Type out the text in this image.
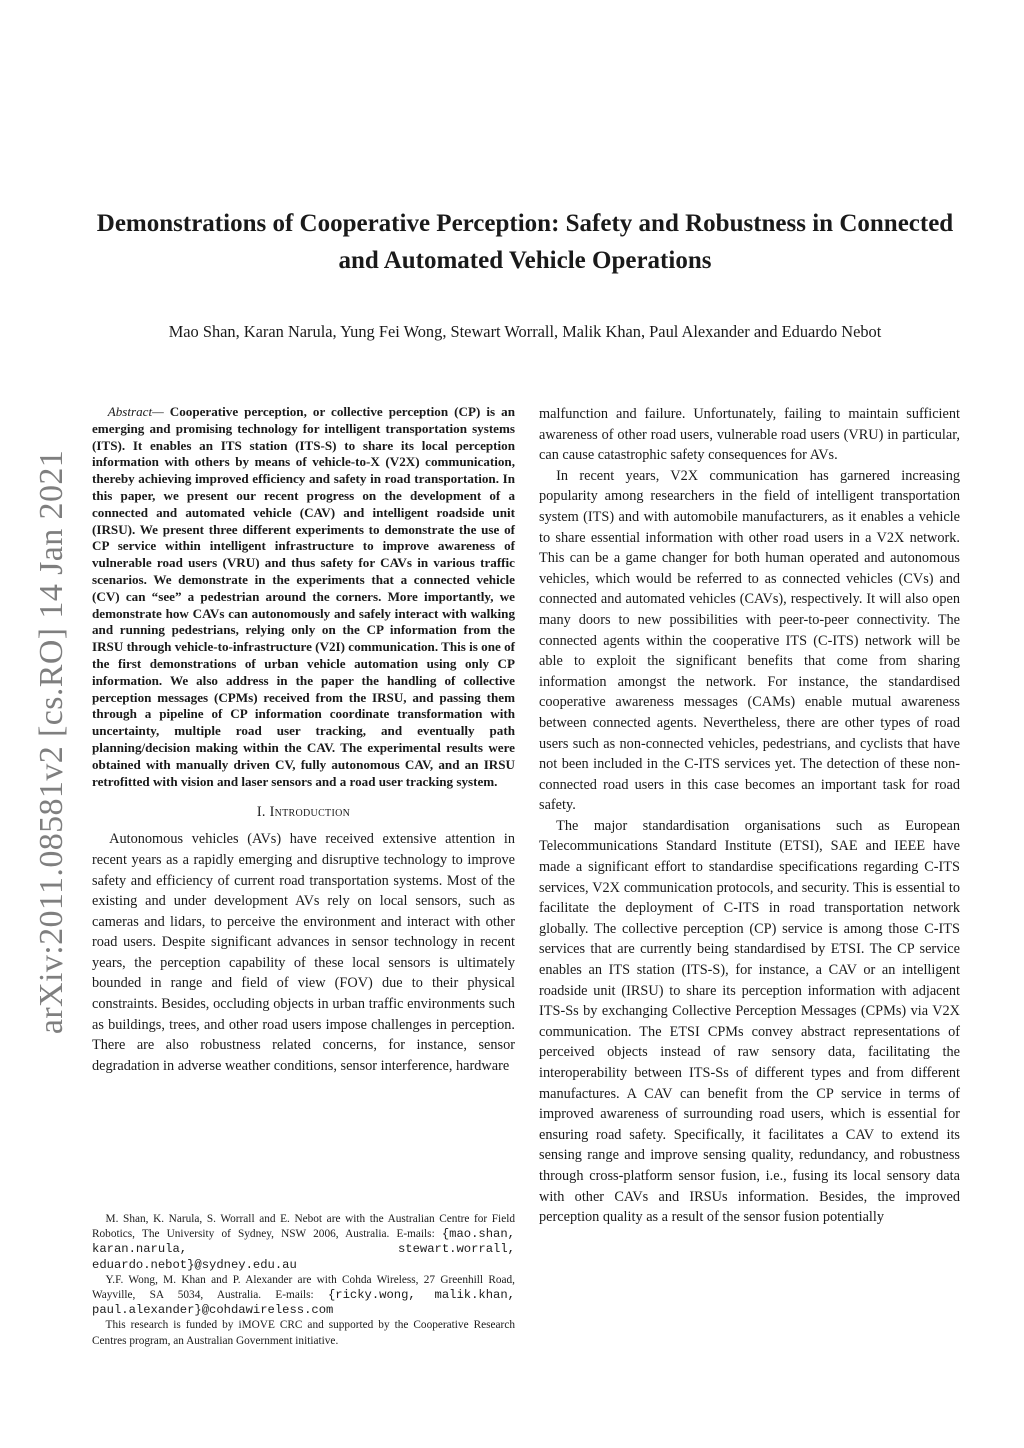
arXiv:2011.08581v2 [cs.RO] 14 Jan 2021
Demonstrations of Cooperative Perception: Safety and Robustness in Connected and Automated Vehicle Operations

Mao Shan, Karan Narula, Yung Fei Wong, Stewart Worrall, Malik Khan, Paul Alexander and Eduardo Nebot

Abstract— Cooperative perception, or collective perception (CP) is an emerging and promising technology for intelligent transportation systems (ITS). It enables an ITS station (ITS-S) to share its local perception information with others by means of vehicle-to-X (V2X) communication, thereby achieving improved efficiency and safety in road transportation. In this paper, we present our recent progress on the development of a connected and automated vehicle (CAV) and intelligent roadside unit (IRSU). We present three different experiments to demonstrate the use of CP service within intelligent infrastructure to improve awareness of vulnerable road users (VRU) and thus safety for CAVs in various traffic scenarios. We demonstrate in the experiments that a connected vehicle (CV) can “see” a pedestrian around the corners. More importantly, we demonstrate how CAVs can autonomously and safely interact with walking and running pedestrians, relying only on the CP information from the IRSU through vehicle-to-infrastructure (V2I) communication. This is one of the first demonstrations of urban vehicle automation using only CP information. We also address in the paper the handling of collective perception messages (CPMs) received from the IRSU, and passing them through a pipeline of CP information coordinate transformation with uncertainty, multiple road user tracking, and eventually path planning/decision making within the CAV. The experimental results were obtained with manually driven CV, fully autonomous CAV, and an IRSU retrofitted with vision and laser sensors and a road user tracking system.

I. Introduction

Autonomous vehicles (AVs) have received extensive attention in recent years as a rapidly emerging and disruptive technology to improve safety and efficiency of current road transportation systems. Most of the existing and under development AVs rely on local sensors, such as cameras and lidars, to perceive the environment and interact with other road users. Despite significant advances in sensor technology in recent years, the perception capability of these local sensors is ultimately bounded in range and field of view (FOV) due to their physical constraints. Besides, occluding objects in urban traffic environments such as buildings, trees, and other road users impose challenges in perception. There are also robustness related concerns, for instance, sensor degradation in adverse weather conditions, sensor interference, hardware

M. Shan, K. Narula, S. Worrall and E. Nebot are with the Australian Centre for Field Robotics, The University of Sydney, NSW 2006, Australia. E-mails: {mao.shan, karan.narula, stewart.worrall, eduardo.nebot}@sydney.edu.au

Y.F. Wong, M. Khan and P. Alexander are with Cohda Wireless, 27 Greenhill Road, Wayville, SA 5034, Australia. E-mails: {ricky.wong, malik.khan, paul.alexander}@cohdawireless.com

This research is funded by iMOVE CRC and supported by the Cooperative Research Centres program, an Australian Government initiative.

malfunction and failure. Unfortunately, failing to maintain sufficient awareness of other road users, vulnerable road users (VRU) in particular, can cause catastrophic safety consequences for AVs.

In recent years, V2X communication has garnered increasing popularity among researchers in the field of intelligent transportation system (ITS) and with automobile manufacturers, as it enables a vehicle to share essential information with other road users in a V2X network. This can be a game changer for both human operated and autonomous vehicles, which would be referred to as connected vehicles (CVs) and connected and automated vehicles (CAVs), respectively. It will also open many doors to new possibilities with peer-to-peer connectivity. The connected agents within the cooperative ITS (C-ITS) network will be able to exploit the significant benefits that come from sharing information amongst the network. For instance, the standardised cooperative awareness messages (CAMs) enable mutual awareness between connected agents. Nevertheless, there are other types of road users such as non-connected vehicles, pedestrians, and cyclists that have not been included in the C-ITS services yet. The detection of these non-connected road users in this case becomes an important task for road safety.

The major standardisation organisations such as European Telecommunications Standard Institute (ETSI), SAE and IEEE have made a significant effort to standardise specifications regarding C-ITS services, V2X communication protocols, and security. This is essential to facilitate the deployment of C-ITS in road transportation network globally. The collective perception (CP) service is among those C-ITS services that are currently being standardised by ETSI. The CP service enables an ITS station (ITS-S), for instance, a CAV or an intelligent roadside unit (IRSU) to share its perception information with adjacent ITS-Ss by exchanging Collective Perception Messages (CPMs) via V2X communication. The ETSI CPMs convey abstract representations of perceived objects instead of raw sensory data, facilitating the interoperability between ITS-Ss of different types and from different manufactures. A CAV can benefit from the CP service in terms of improved awareness of surrounding road users, which is essential for ensuring road safety. Specifically, it facilitates a CAV to extend its sensing range and improve sensing quality, redundancy, and robustness through cross-platform sensor fusion, i.e., fusing its local sensory data with other CAVs and IRSUs information. Besides, the improved perception quality as a result of the sensor fusion potentially
